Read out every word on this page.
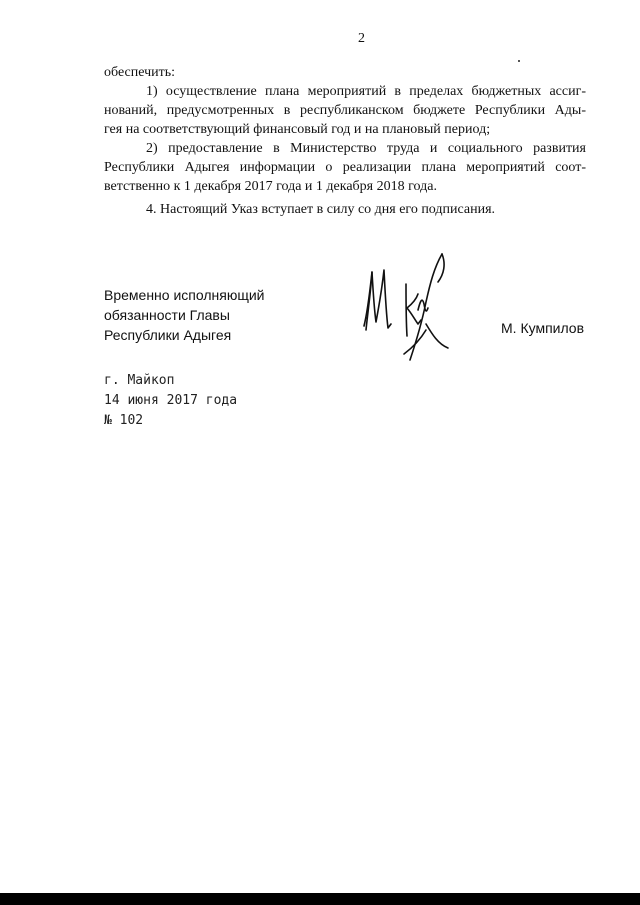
2
обеспечить:
1) осуществление плана мероприятий в пределах бюджетных ассиг-
нований, предусмотренных в республиканском бюджете Республики Ады-
гея на соответствующий финансовый год и на плановый период;
2) предоставление в Министерство труда и социального развития
Республики Адыгея информации о реализации плана мероприятий соот-
ветственно к 1 декабря 2017 года и 1 декабря 2018 года.
4. Настоящий Указ вступает в силу со дня его подписания.
Временно исполняющий
обязанности Главы
Республики Адыгея	М. Кумпилов
г. Майкоп
14 июня 2017 года
№ 102
